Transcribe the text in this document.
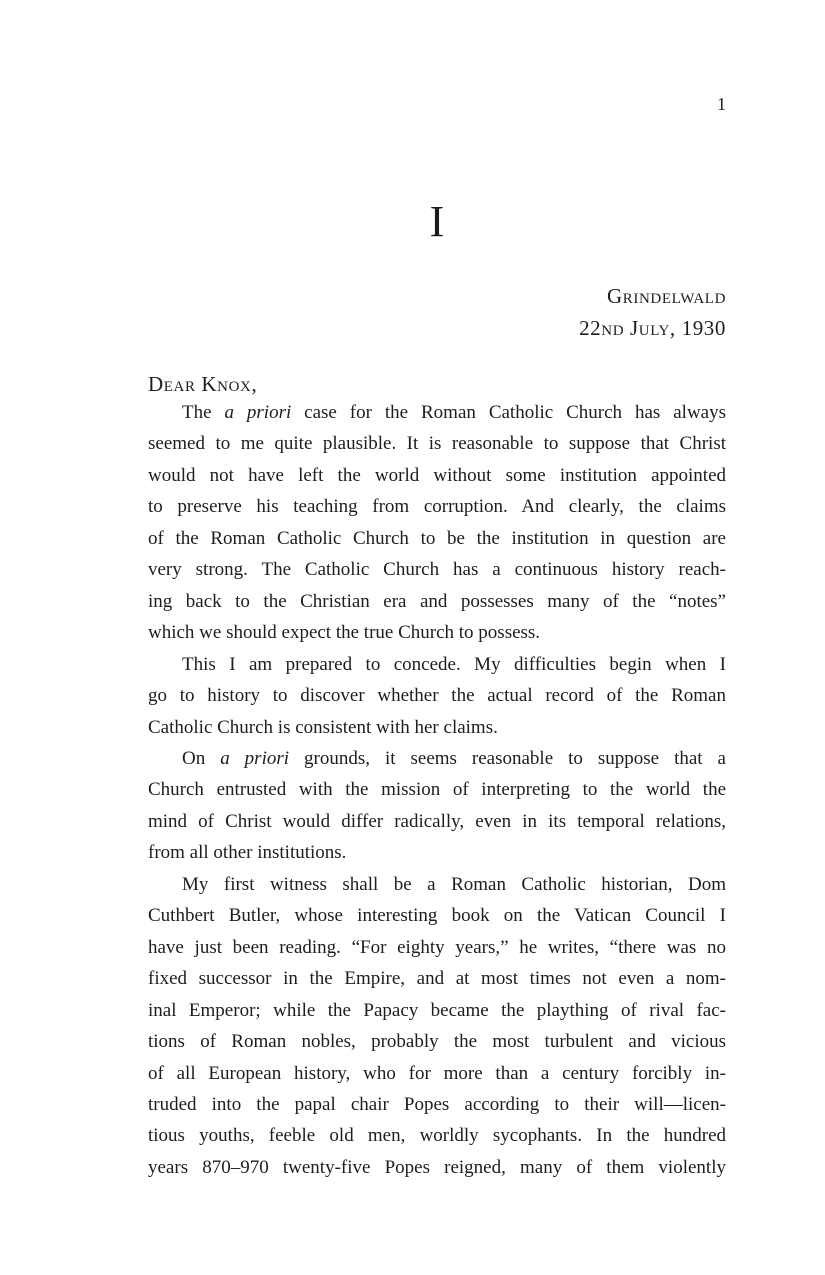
1
I
Grindelwald
22nd July, 1930
Dear Knox,
The a priori case for the Roman Catholic Church has always
seemed to me quite plausible. It is reasonable to suppose that Christ
would not have left the world without some institution appointed
to preserve his teaching from corruption. And clearly, the claims
of the Roman Catholic Church to be the institution in question are
very strong. The Catholic Church has a continuous history reach-
ing back to the Christian era and possesses many of the “notes”
which we should expect the true Church to possess.
This I am prepared to concede. My difficulties begin when I
go to history to discover whether the actual record of the Roman
Catholic Church is consistent with her claims.
On a priori grounds, it seems reasonable to suppose that a
Church entrusted with the mission of interpreting to the world the
mind of Christ would differ radically, even in its temporal relations,
from all other institutions.
My first witness shall be a Roman Catholic historian, Dom
Cuthbert Butler, whose interesting book on the Vatican Council I
have just been reading. “For eighty years,” he writes, “there was no
fixed successor in the Empire, and at most times not even a nom-
inal Emperor; while the Papacy became the plaything of rival fac-
tions of Roman nobles, probably the most turbulent and vicious
of all European history, who for more than a century forcibly in-
truded into the papal chair Popes according to their will—licen-
tious youths, feeble old men, worldly sycophants. In the hundred
years 870–970 twenty-five Popes reigned, many of them violently
